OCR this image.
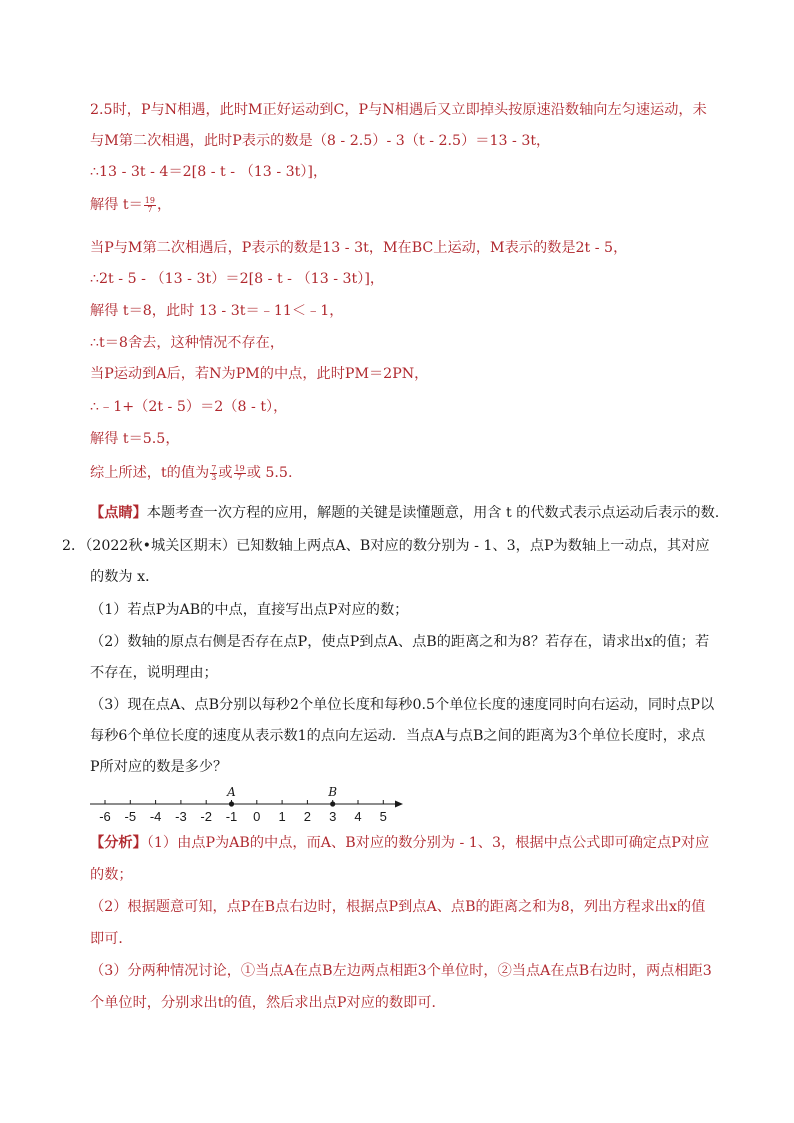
2.5时，P与N相遇，此时M正好运动到C，P与N相遇后又立即掉头按原速沿数轴向左匀速运动，未
与M第二次相遇，此时P表示的数是（8 - 2.5）- 3（t - 2.5）＝13 - 3t，
∴13 - 3t - 4＝2[8 - t - （13 - 3t）]，
解得 $t= \frac{19}{7}$ ，
当P与M第二次相遇后，P表示的数是13 - 3t，M在BC上运动，M表示的数是2t - 5，
∴2t - 5 - （13 - 3t）＝2[8 - t - （13 - 3t）]，
解得 t＝8，此时 13 - 3t＝﹣11＜﹣1，
∴t＝8舍去，这种情况不存在，
当P运动到A后，若N为PM的中点，此时PM＝2PN，
∴﹣1+（2t - 5）＝2（8 - t），
解得 t＝5.5，
综上所述，t的值为 $\frac{7}{3}$ 或 $\frac{19}{7}$ 或 5.5.
【点睛】本题考查一次方程的应用，解题的关键是读懂题意，用含 t 的代数式表示点运动后表示的数.
2．（2022秋•城关区期末）已知数轴上两点A、B对应的数分别为 - 1、3，点P为数轴上一动点，其对应
的数为 x．
（1）若点P为AB的中点，直接写出点P对应的数；
（2）数轴的原点右侧是否存在点P，使点P到点A、点B的距离之和为8？若存在，请求出x的值；若
不存在，说明理由；
（3）现在点A、点B分别以每秒2个单位长度和每秒0.5个单位长度的速度同时向右运动，同时点P以
每秒6个单位长度的速度从表示数1的点向左运动．当点A与点B之间的距离为3个单位长度时，求点
P所对应的数是多少？
-6 -5 -4 -3 -2 -1 0 1 2 3 4 5
A	B
【分析】（1）由点P为AB的中点，而A、B对应的数分别为 - 1、3，根据中点公式即可确定点P对应
的数；
（2）根据题意可知，点P在B点右边时，根据点P到点A、点B的距离之和为8，列出方程求出x的值
即可．
（3）分两种情况讨论，①当点A在点B左边两点相距3个单位时，②当点A在点B右边时，两点相距3
个单位时，分别求出t的值，然后求出点P对应的数即可．
